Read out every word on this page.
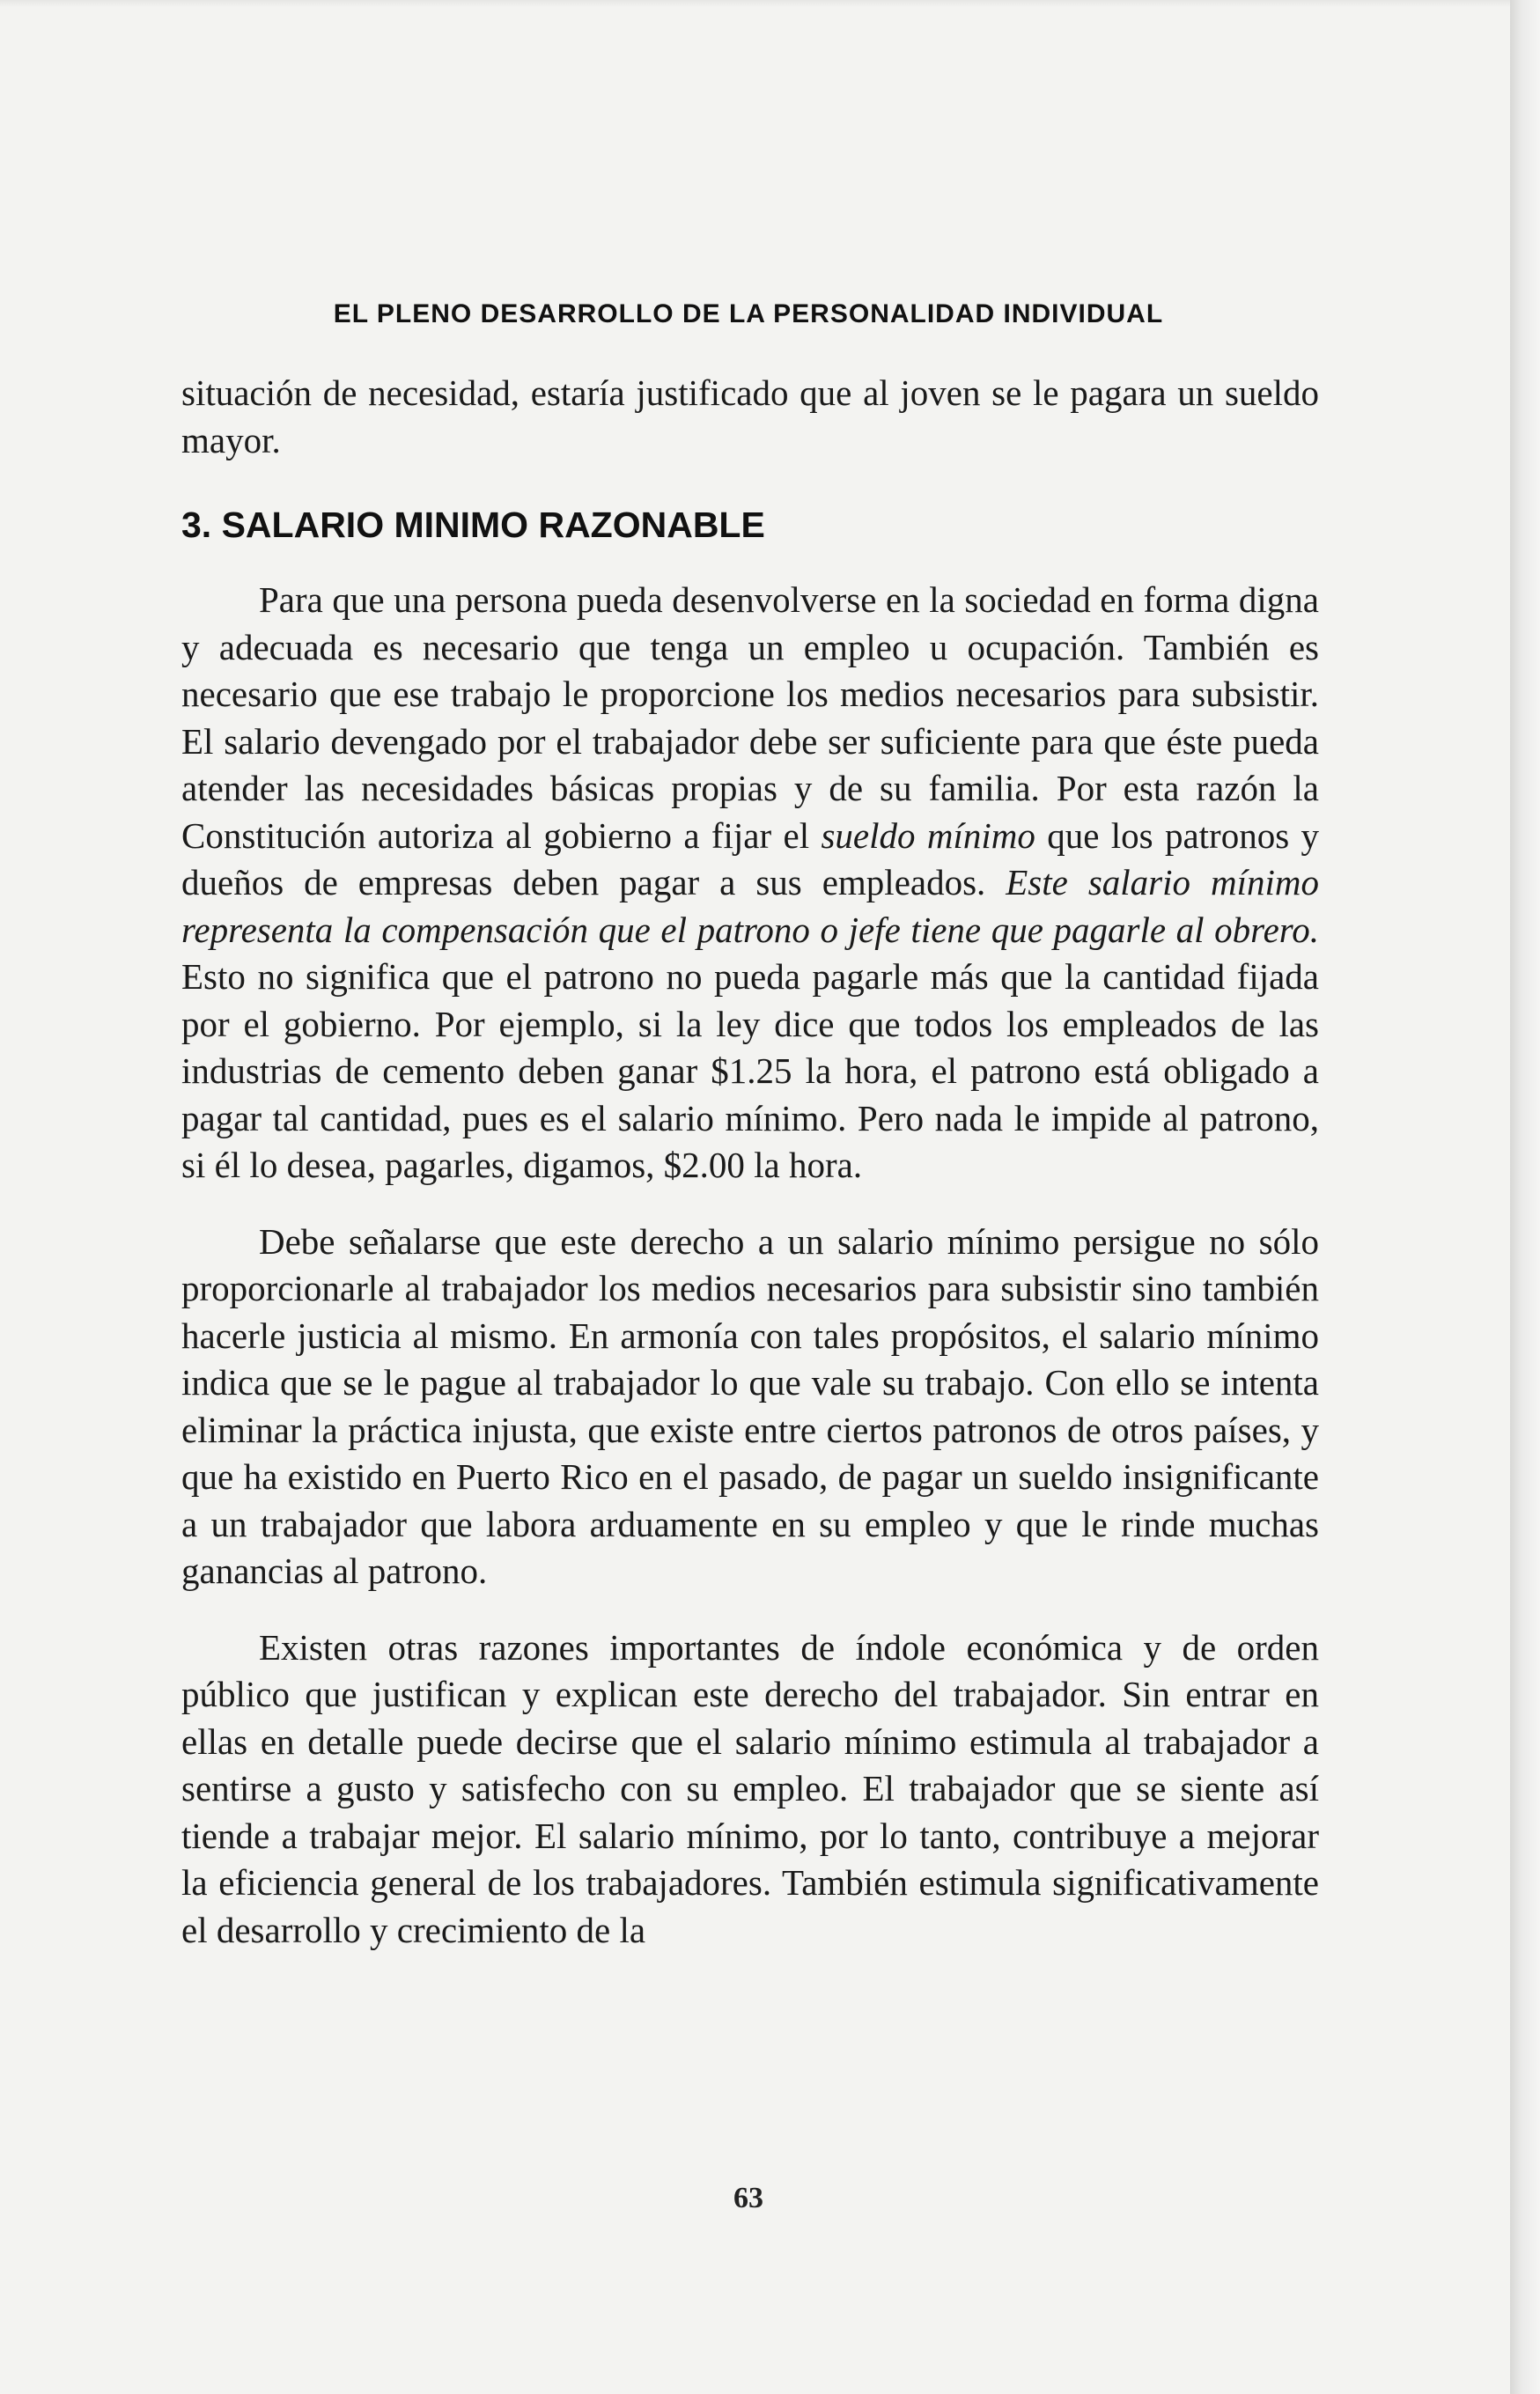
EL PLENO DESARROLLO DE LA PERSONALIDAD INDIVIDUAL

situación de necesidad, estaría justificado que al joven se le pagara un sueldo mayor.

3. SALARIO MINIMO RAZONABLE

Para que una persona pueda desenvolverse en la sociedad en forma digna y adecuada es necesario que tenga un empleo u ocupación. También es necesario que ese trabajo le proporcione los medios necesarios para subsistir. El salario devengado por el trabajador debe ser suficiente para que éste pueda atender las necesidades básicas propias y de su familia. Por esta razón la Constitución autoriza al gobierno a fijar el sueldo mínimo que los patronos y dueños de empresas deben pagar a sus empleados. Este salario mínimo representa la compensación que el patrono o jefe tiene que pagarle al obrero. Esto no significa que el patrono no pueda pagarle más que la cantidad fijada por el gobierno. Por ejemplo, si la ley dice que todos los empleados de las industrias de cemento deben ganar $1.25 la hora, el patrono está obligado a pagar tal cantidad, pues es el salario mínimo. Pero nada le impide al patrono, si él lo desea, pagarles, digamos, $2.00 la hora.

Debe señalarse que este derecho a un salario mínimo persigue no sólo proporcionarle al trabajador los medios necesarios para subsistir sino también hacerle justicia al mismo. En armonía con tales propósitos, el salario mínimo indica que se le pague al trabajador lo que vale su trabajo. Con ello se intenta eliminar la práctica injusta, que existe entre ciertos patronos de otros países, y que ha existido en Puerto Rico en el pasado, de pagar un sueldo insignificante a un trabajador que labora arduamente en su empleo y que le rinde muchas ganancias al patrono.

Existen otras razones importantes de índole económica y de orden público que justifican y explican este derecho del trabajador. Sin entrar en ellas en detalle puede decirse que el salario mínimo estimula al trabajador a sentirse a gusto y satisfecho con su empleo. El trabajador que se siente así tiende a trabajar mejor. El salario mínimo, por lo tanto, contribuye a mejorar la eficiencia general de los trabajadores. También estimula significativamente el desarrollo y crecimiento de la

63
